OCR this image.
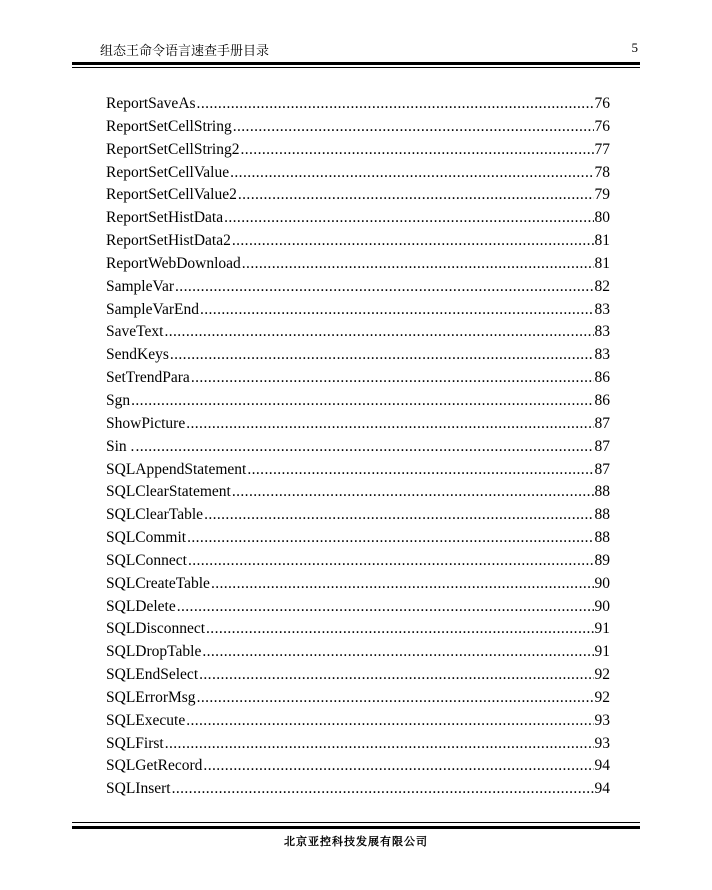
组态王命令语言速查手册目录	5
ReportSaveAs .....	76
ReportSetCellString .....	76
ReportSetCellString2 .....	77
ReportSetCellValue .....	78
ReportSetCellValue2 .....	79
ReportSetHistData .....	80
ReportSetHistData2 .....	81
ReportWebDownload .....	81
SampleVar .....	82
SampleVarEnd .....	83
SaveText .....	83
SendKeys .....	83
SetTrendPara .....	86
Sgn .....	86
ShowPicture .....	87
Sin . .....	87
SQLAppendStatement .....	87
SQLClearStatement .....	88
SQLClearTable .....	88
SQLCommit .....	88
SQLConnect .....	89
SQLCreateTable .....	90
SQLDelete .....	90
SQLDisconnect .....	91
SQLDropTable .....	91
SQLEndSelect .....	92
SQLErrorMsg .....	92
SQLExecute .....	93
SQLFirst .....	93
SQLGetRecord .....	94
SQLInsert .....	94
北京亚控科技发展有限公司
